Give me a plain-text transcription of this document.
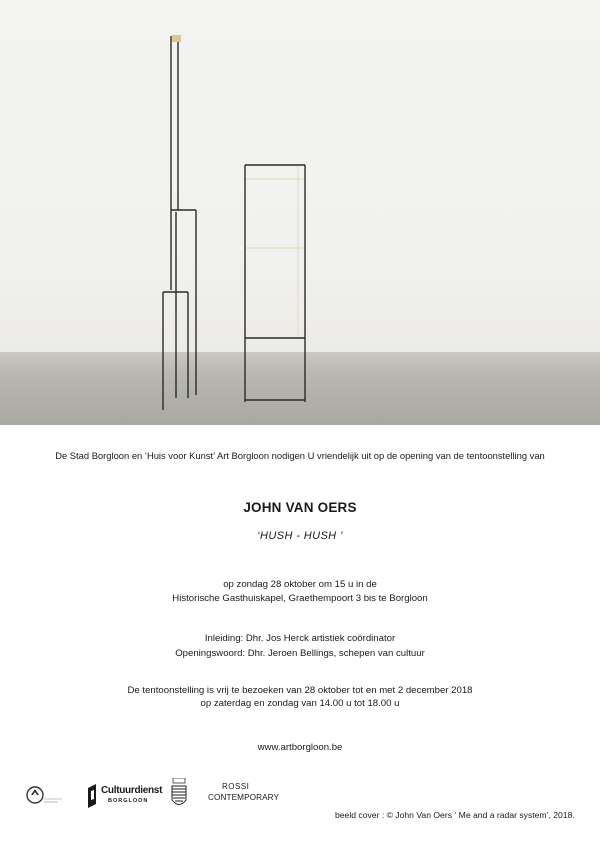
De Stad Borgloon en ‘Huis voor Kunst’ Art Borgloon nodigen U vriendelijk uit op de opening van de tentoonstelling van
JOHN VAN OERS
‘HUSH - HUSH ’
op zondag 28 oktober om 15 u in de
Historische Gasthuiskapel, Graethempoort 3 bis te Borgloon
Inleiding: Dhr. Jos Herck artistiek coördinator
Openingswoord: Dhr. Jeroen Bellings, schepen van cultuur
De tentoonstelling is vrij te bezoeken van 28 oktober tot en met 2 december 2018
op zaterdag en zondag van 14.00 u tot 18.00 u
www.artborgloon.be
Cultuurdienst
BORGLOON
ROSSI
CONTEMPORARY
beeld cover : © John Van Oers ‘ Me and a radar system’, 2018.
